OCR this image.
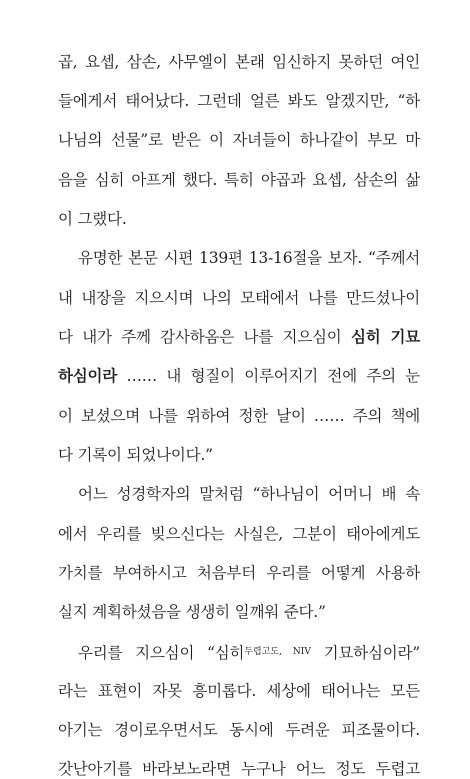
곱, 요셉, 삼손, 사무엘이 본래 임신하지 못하던 여인
들에게서 태어났다. 그런데 얼른 봐도 알겠지만, “하
나님의 선물”로 받은 이 자녀들이 하나같이 부모 마
음을 심히 아프게 했다. 특히 야곱과 요셉, 삼손의 삶
이 그랬다.
유명한 본문 시편 139편 13-16절을 보자. “주께서
내 내장을 지으시며 나의 모태에서 나를 만드셨나이
다 내가 주께 감사하옴은 나를 지으심이 심히 기묘
하심이라 …… 내 형질이 이루어지기 전에 주의 눈
이 보셨으며 나를 위하여 정한 날이 …… 주의 책에
다 기록이 되었나이다.”
어느 성경학자의 말처럼 “하나님이 어머니 배 속
에서 우리를 빚으신다는 사실은, 그분이 태아에게도
가치를 부여하시고 처음부터 우리를 어떻게 사용하
실지 계획하셨음을 생생히 일깨워 준다.”
우리를 지으심이 “심히$^{두렵고도, NIV}$ 기묘하심이라”
라는 표현이 자못 흥미롭다. 세상에 태어나는 모든
아기는 경이로우면서도 동시에 두려운 피조물이다.
갓난아기를 바라보노라면 누구나 어느 정도 두렵고
